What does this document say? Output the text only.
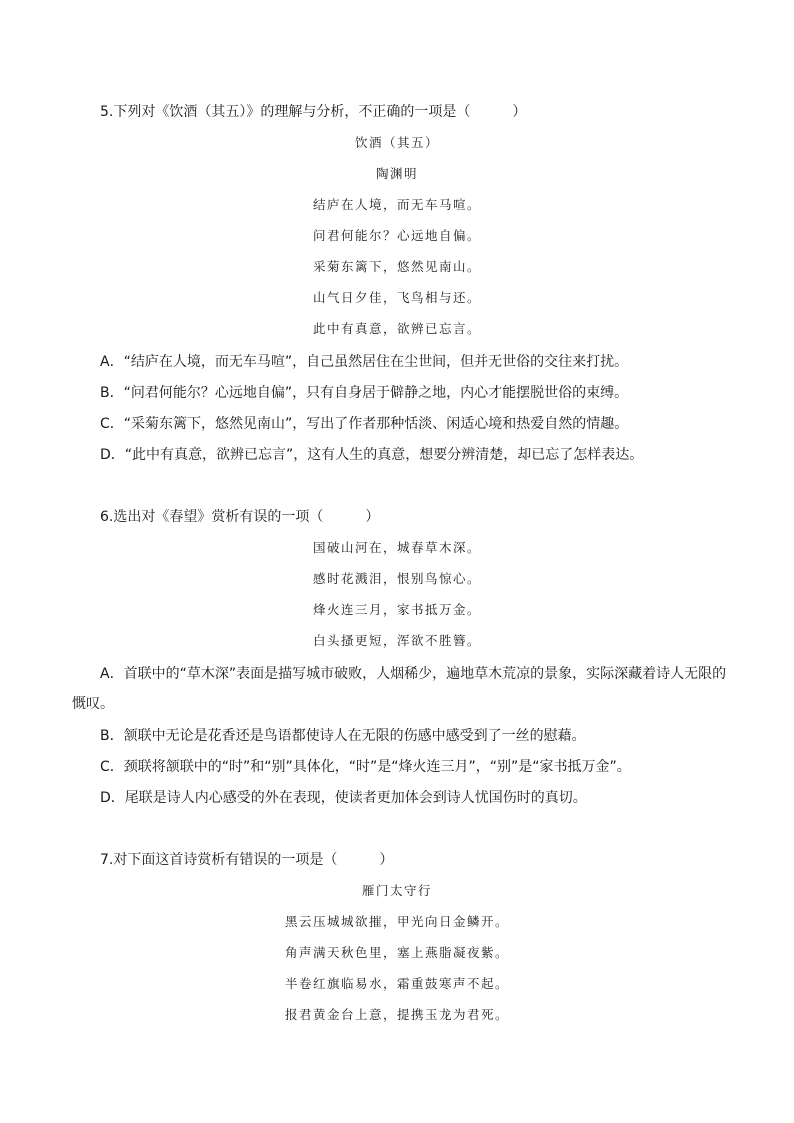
5.下列对《饮酒（其五）》的理解与分析，不正确的一项是（　　　）
饮酒（其五）
陶渊明
结庐在人境，而无车马喧。
问君何能尔？心远地自偏。
采菊东篱下，悠然见南山。
山气日夕佳，飞鸟相与还。
此中有真意，欲辨已忘言。
A．“结庐在人境，而无车马喧”，自己虽然居住在尘世间，但并无世俗的交往来打扰。
B．“问君何能尔？心远地自偏”，只有自身居于僻静之地，内心才能摆脱世俗的束缚。
C．“采菊东篱下，悠然见南山”，写出了作者那种恬淡、闲适心境和热爱自然的情趣。
D．“此中有真意，欲辨已忘言”，这有人生的真意，想要分辨清楚，却已忘了怎样表达。
6.选出对《春望》赏析有误的一项（　　　）
国破山河在，城春草木深。
感时花溅泪，恨别鸟惊心。
烽火连三月，家书抵万金。
白头搔更短，浑欲不胜簪。
A．首联中的“草木深”表面是描写城市破败，人烟稀少，遍地草木荒凉的景象，实际深藏着诗人无限的慨叹。
B．颔联中无论是花香还是鸟语都使诗人在无限的伤感中感受到了一丝的慰藉。
C．颈联将颔联中的“时”和“别”具体化，“时”是“烽火连三月”，“别”是“家书抵万金”。
D．尾联是诗人内心感受的外在表现，使读者更加体会到诗人忧国伤时的真切。
7.对下面这首诗赏析有错误的一项是（　　　）
雁门太守行
黑云压城城欲摧，甲光向日金鳞开。
角声满天秋色里，塞上燕脂凝夜紫。
半卷红旗临易水，霜重鼓寒声不起。
报君黄金台上意，提携玉龙为君死。
